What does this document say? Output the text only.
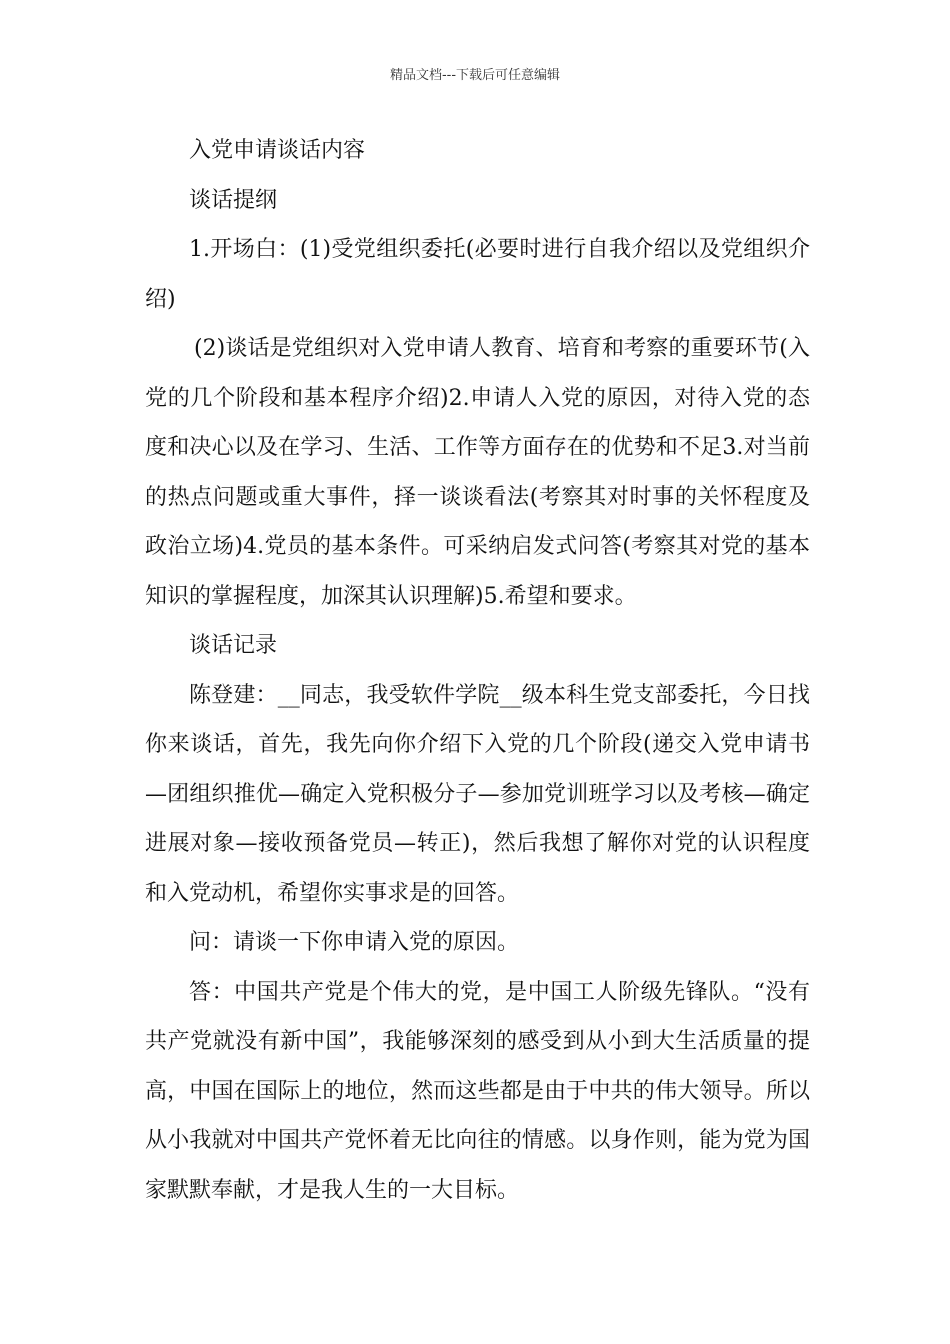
精品文档---下载后可任意编辑

入党申请谈话内容

谈话提纲

1.开场白：(1)受党组织委托(必要时进行自我介绍以及党组织介绍)

(2)谈话是党组织对入党申请人教育、培育和考察的重要环节(入党的几个阶段和基本程序介绍)2.申请人入党的原因，对待入党的态度和决心以及在学习、生活、工作等方面存在的优势和不足3.对当前的热点问题或重大事件，择一谈谈看法(考察其对时事的关怀程度及政治立场)4.党员的基本条件。可采纳启发式问答(考察其对党的基本知识的掌握程度，加深其认识理解)5.希望和要求。

谈话记录

陈登建：__同志，我受软件学院__级本科生党支部委托，今日找你来谈话，首先，我先向你介绍下入党的几个阶段(递交入党申请书—团组织推优—确定入党积极分子—参加党训班学习以及考核—确定进展对象—接收预备党员—转正)，然后我想了解你对党的认识程度和入党动机，希望你实事求是的回答。

问：请谈一下你申请入党的原因。

答：中国共产党是个伟大的党，是中国工人阶级先锋队。“没有共产党就没有新中国”，我能够深刻的感受到从小到大生活质量的提高，中国在国际上的地位，然而这些都是由于中共的伟大领导。所以从小我就对中国共产党怀着无比向往的情感。以身作则，能为党为国家默默奉献，才是我人生的一大目标。
